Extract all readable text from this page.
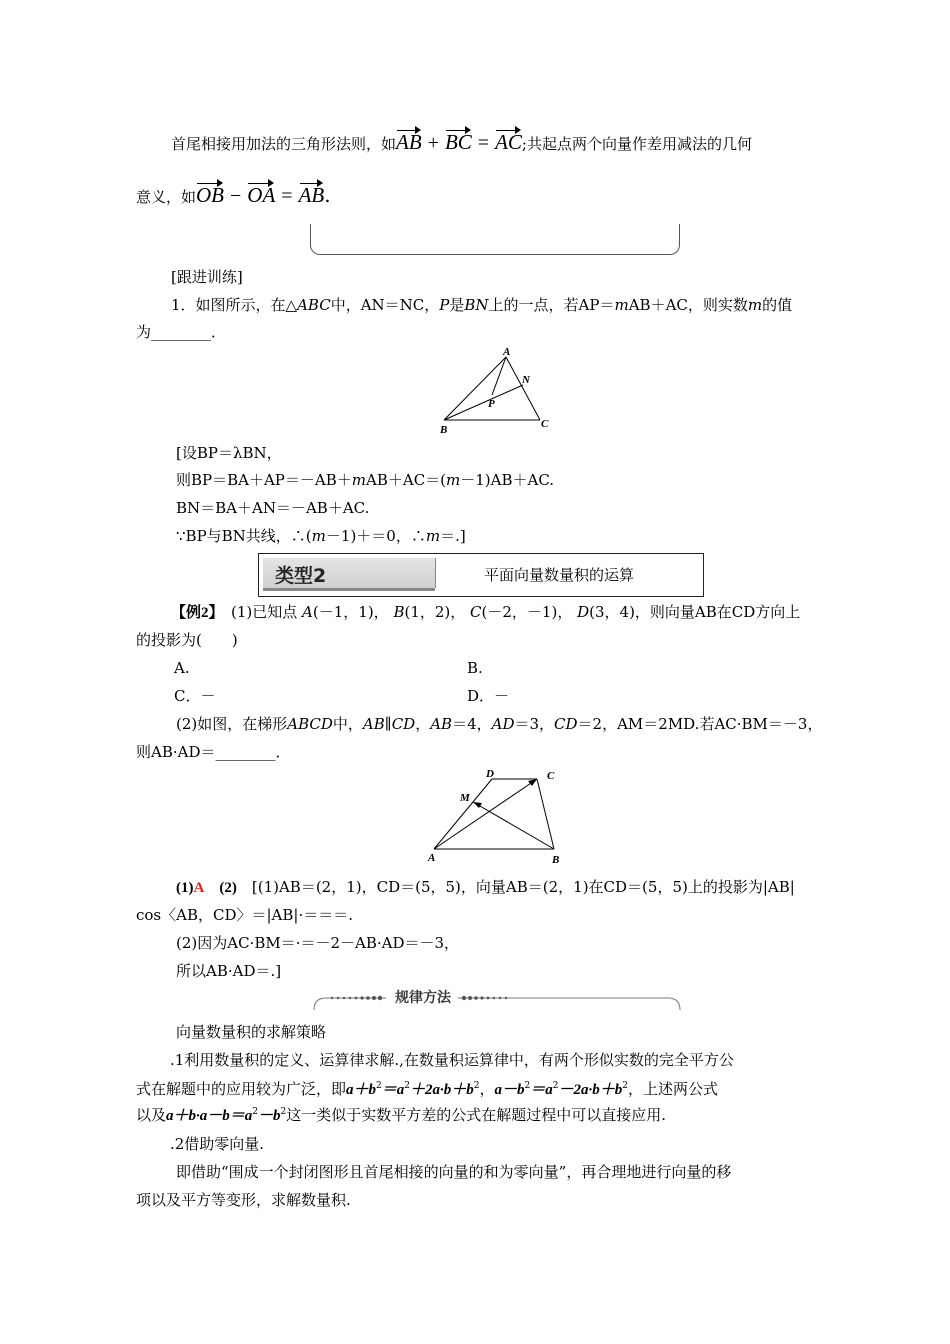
首尾相接用加法的三角形法则，如AB + BC = AC;共起点两个向量作差用减法的几何
意义，如OB − OA = AB.
[跟进训练]
1．如图所示，在△ABC中，AN＝NC，P是BN上的一点，若AP＝mAB＋AC，则实数m的值
为________．
A
N
P
B	C
[设BP＝λBN，
则BP＝BA＋AP＝－AB＋mAB＋AC＝(m－1)AB＋AC.
BN＝BA＋AN＝－AB＋AC.
∵BP与BN共线，∴(m－1)＋＝0，∴m＝.]
类型2	平面向量数量积的运算
【例2】　 (1)已知点 A(－1，1)， B(1，2)， C(－2，－1)， D(3，4)，则向量AB在CD方向上
的投影为(　　)
A.	B.
C．－	D．－
(2)如图，在梯形ABCD中，AB∥CD，AB＝4，AD＝3，CD＝2，AM＝2MD.若AC·BM＝－3，
则AB·AD＝________．
D	C
M
A	B
(1)A　 (2)　[(1)AB＝(2，1)，CD＝(5，5)，向量AB＝(2，1)在CD＝(5，5)上的投影为|AB|
cos〈AB，CD〉＝|AB|·＝＝＝.
(2)因为AC·BM＝·＝－2－AB·AD＝－3，
所以AB·AD＝.]
规律方法
向量数量积的求解策略
.1利用数量积的定义、运算律求解.,在数量积运算律中，有两个形似实数的完全平方公
式在解题中的应用较为广泛，即$a+b^2=a^2+2a\cdot b+b^2$，$a-b^2=a^2-2a\cdot b+b^2$，上述两公式
以及$a+b\cdot a-b=a^2-b^2$这一类似于实数平方差的公式在解题过程中可以直接应用.
.2借助零向量.
即借助“围成一个封闭图形且首尾相接的向量的和为零向量”，再合理地进行向量的移
项以及平方等变形，求解数量积.
